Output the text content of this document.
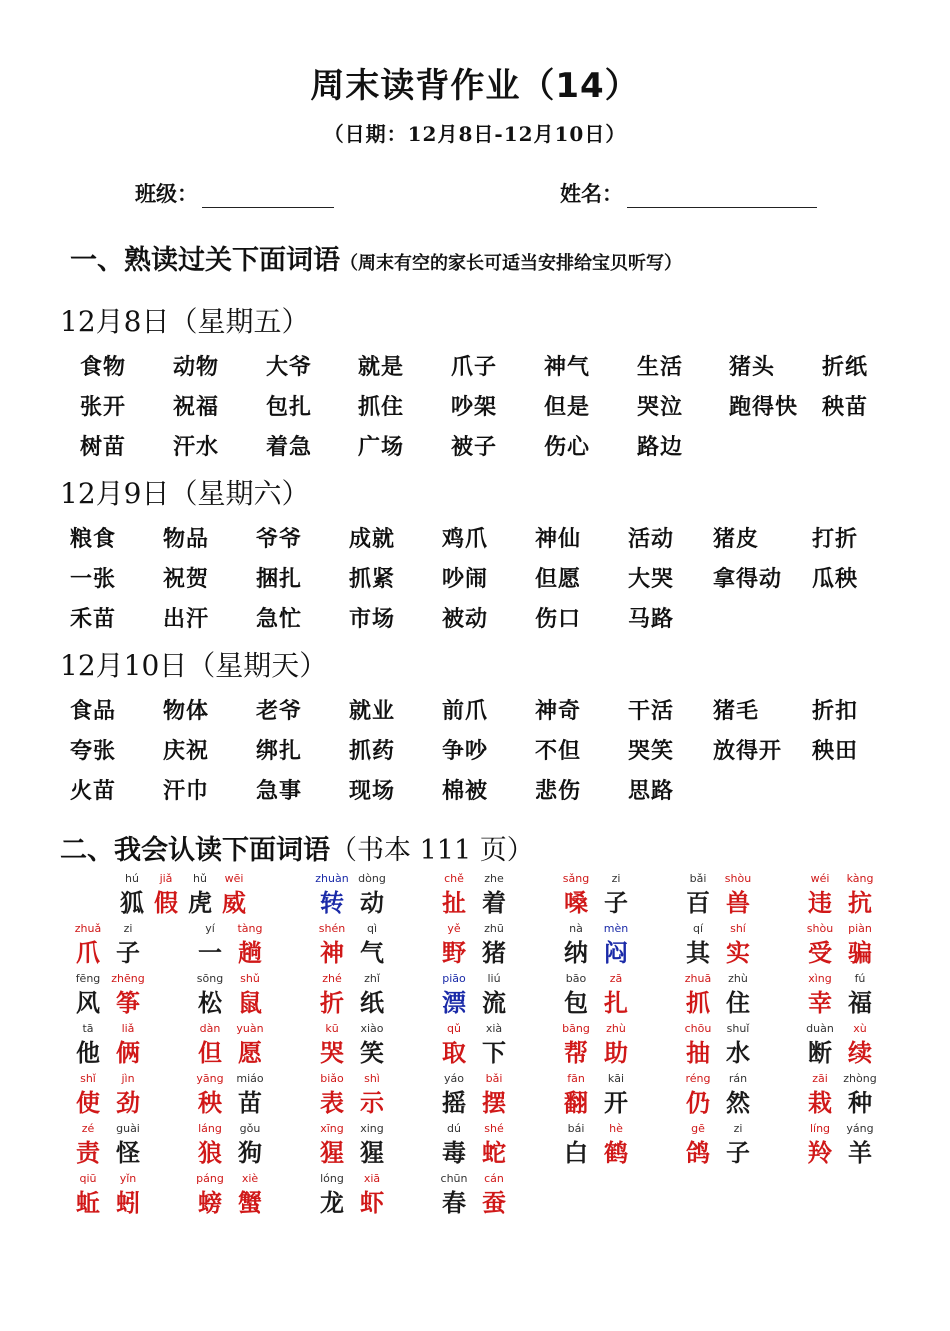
周末读背作业（14）
（日期：12月8日-12月10日）
班级：	姓名：
一、熟读过关下面词语（周末有空的家长可适当安排给宝贝听写）
12月8日（星期五）
食物 动物 大爷 就是 爪子 神气 生活 猪头 折纸
张开 祝福 包扎 抓住 吵架 但是 哭泣 跑得快 秧苗
树苗 汗水 着急 广场 被子 伤心 路边
12月9日（星期六）
粮食 物品 爷爷 成就 鸡爪 神仙 活动 猪皮 打折
一张 祝贺 捆扎 抓紧 吵闹 但愿 大哭 拿得动 瓜秧
禾苗 出汗 急忙 市场 被动 伤口 马路
12月10日（星期天）
食品 物体 老爷 就业 前爪 神奇 干活 猪毛 折扣
夸张 庆祝 绑扎 抓药 争吵 不但 哭笑 放得开 秧田
火苗 汗巾 急事 现场 棉被 悲伤 思路
二、我会认读下面词语（书本 111 页）
hú
狐
jiǎ
假
hǔ
虎
wēi
威
zhuàn
转
dòng
动
chě
扯
zhe
着
sǎng
嗓
zi
子
bǎi
百
shòu
兽
wéi
违
kàng
抗
zhuǎ
爪
zi
子
yí
一
tàng
趟
shén
神
qì
气
yě
野
zhū
猪
nà
纳
mèn
闷
qí
其
shí
实
shòu
受
piàn
骗
fēng
风
zhēng
筝
sōng
松
shǔ
鼠
zhé
折
zhǐ
纸
piāo
漂
liú
流
bāo
包
zā
扎
zhuā
抓
zhù
住
xìng
幸
fú
福
tā
他
liǎ
俩
dàn
但
yuàn
愿
kū
哭
xiào
笑
qǔ
取
xià
下
bāng
帮
zhù
助
chōu
抽
shuǐ
水
duàn
断
xù
续
shǐ
使
jìn
劲
yāng
秧
miáo
苗
biǎo
表
shì
示
yáo
摇
bǎi
摆
fān
翻
kāi
开
réng
仍
rán
然
zāi
栽
zhòng
种
zé
责
guài
怪
láng
狼
gǒu
狗
xīng
猩
xing
猩
dú
毒
shé
蛇
bái
白
hè
鹤
gē
鸽
zi
子
líng
羚
yáng
羊
qiū
蚯
yǐn
蚓
páng
螃
xiè
蟹
lóng
龙
xiā
虾
chūn
春
cán
蚕
